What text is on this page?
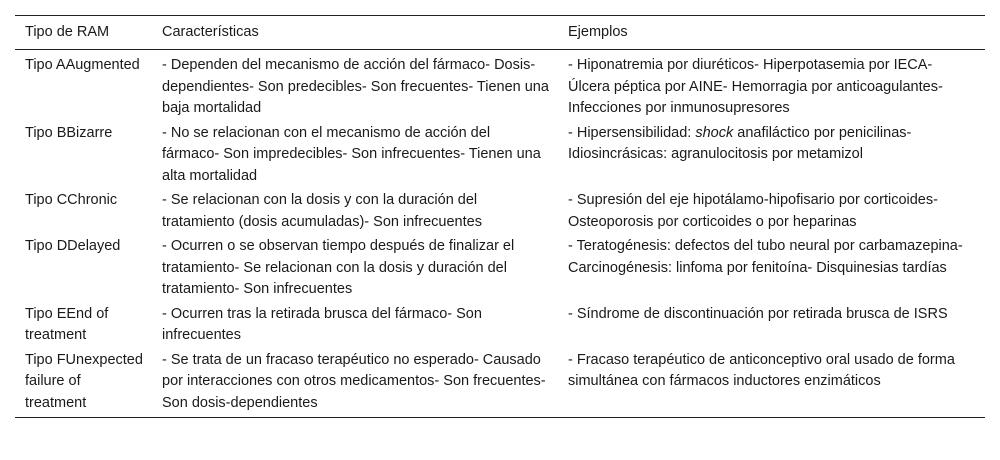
Tipo de RAM	Características	Ejemplos
Tipo AAugmented	- Dependen del mecanismo de acción del fármaco- Dosis-dependientes- Son predecibles- Son frecuentes- Tienen una baja mortalidad	- Hiponatremia por diuréticos- Hiperpotasemia por IECA- Úlcera péptica por AINE- Hemorragia por anticoagulantes- Infecciones por inmunosupresores
Tipo BBizarre	- No se relacionan con el mecanismo de acción del fármaco- Son impredecibles- Son infrecuentes- Tienen una alta mortalidad	- Hipersensibilidad: shock anafiláctico por penicilinas- Idiosincrásicas: agranulocitosis por metamizol
Tipo CChronic	- Se relacionan con la dosis y con la duración del tratamiento (dosis acumuladas)- Son infrecuentes	- Supresión del eje hipotálamo-hipofisario por corticoides- Osteoporosis por corticoides o por heparinas
Tipo DDelayed	- Ocurren o se observan tiempo después de finalizar el tratamiento- Se relacionan con la dosis y duración del tratamiento- Son infrecuentes	- Teratogénesis: defectos del tubo neural por carbamazepina- Carcinogénesis: linfoma por fenitoína- Disquinesias tardías
Tipo EEnd of treatment	- Ocurren tras la retirada brusca del fármaco- Son infrecuentes	- Síndrome de discontinuación por retirada brusca de ISRS
Tipo FUnexpected failure of treatment	- Se trata de un fracaso terapéutico no esperado- Causado por interacciones con otros medicamentos- Son frecuentes- Son dosis-dependientes	- Fracaso terapéutico de anticonceptivo oral usado de forma simultánea con fármacos inductores enzimáticos
